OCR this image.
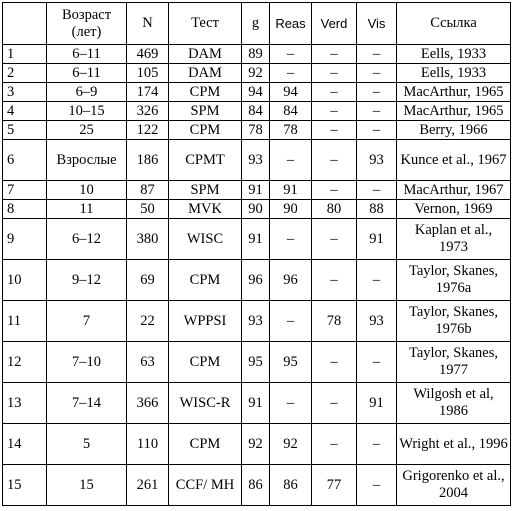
	Возраст (лет)	N	Тест	g	Reas	Verd	Vis	Ссылка
1	6–11	469	DAM	89	–	–	–	Eells, 1933
2	6–11	105	DAM	92	–	–	–	Eells, 1933
3	6–9	174	CPM	94	94	–	–	MacArthur, 1965
4	10–15	326	SPM	84	84	–	–	MacArthur, 1965
5	25	122	CPM	78	78	–	–	Berry, 1966
6	Взрослые	186	CPMT	93	–	–	93	Kunce et al., 1967
7	10	87	SPM	91	91	–	–	MacArthur, 1967
8	11	50	MVK	90	90	80	88	Vernon, 1969
9	6–12	380	WISC	91	–	–	91	Kaplan et al., 1973
10	9–12	69	CPM	96	96	–	–	Taylor, Skanes, 1976a
11	7	22	WPPSI	93	–	78	93	Taylor, Skanes, 1976b
12	7–10	63	CPM	95	95	–	–	Taylor, Skanes, 1977
13	7–14	366	WISC-R	91	–	–	91	Wilgosh et al, 1986
14	5	110	CPM	92	92	–	–	Wright et al., 1996
15	15	261	CCF/ MH	86	86	77	–	Grigorenko et al., 2004
